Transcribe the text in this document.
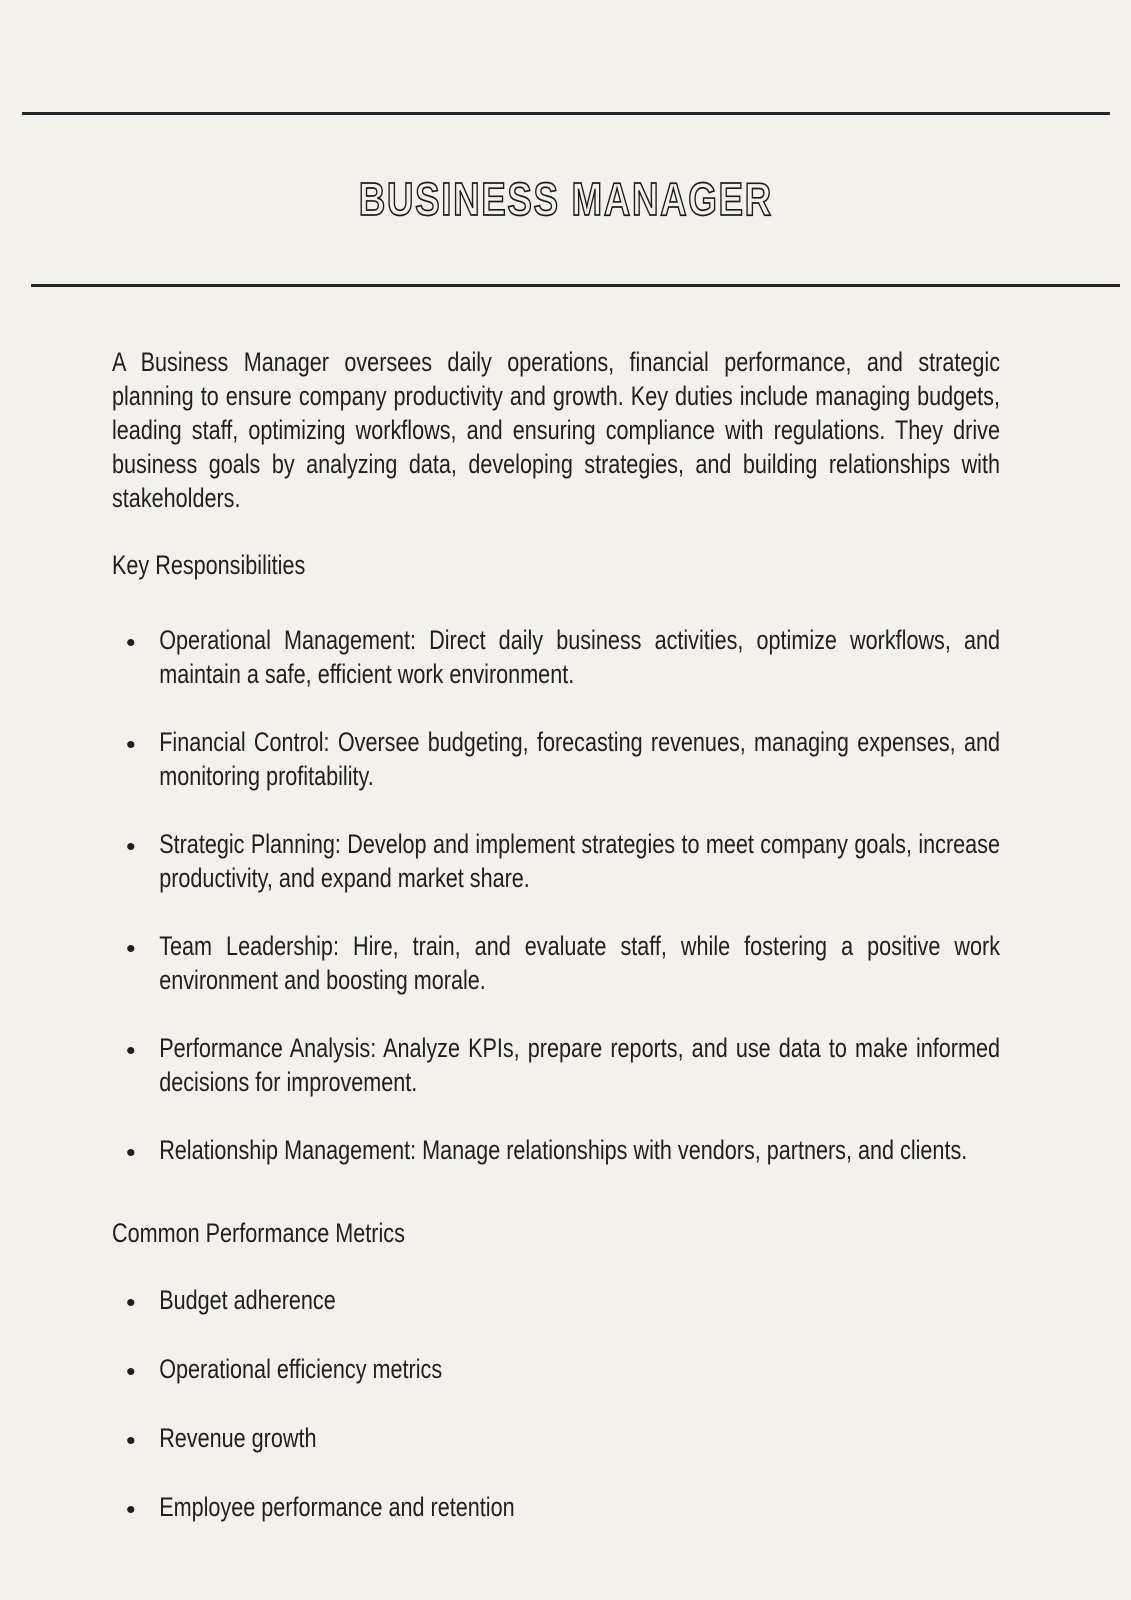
BUSINESS MANAGER

A Business Manager oversees daily operations, financial performance, and strategic planning to ensure company productivity and growth. Key duties include managing budgets, leading staff, optimizing workflows, and ensuring compliance with regulations. They drive business goals by analyzing data, developing strategies, and building relationships with stakeholders.

Key Responsibilities
Operational Management: Direct daily business activities, optimize workflows, and maintain a safe, efficient work environment.
Financial Control: Oversee budgeting, forecasting revenues, managing expenses, and monitoring profitability.
Strategic Planning: Develop and implement strategies to meet company goals, increase productivity, and expand market share.
Team Leadership: Hire, train, and evaluate staff, while fostering a positive work environment and boosting morale.
Performance Analysis: Analyze KPIs, prepare reports, and use data to make informed decisions for improvement.
Relationship Management: Manage relationships with vendors, partners, and clients.
Common Performance Metrics
Budget adherence
Operational efficiency metrics
Revenue growth
Employee performance and retention
